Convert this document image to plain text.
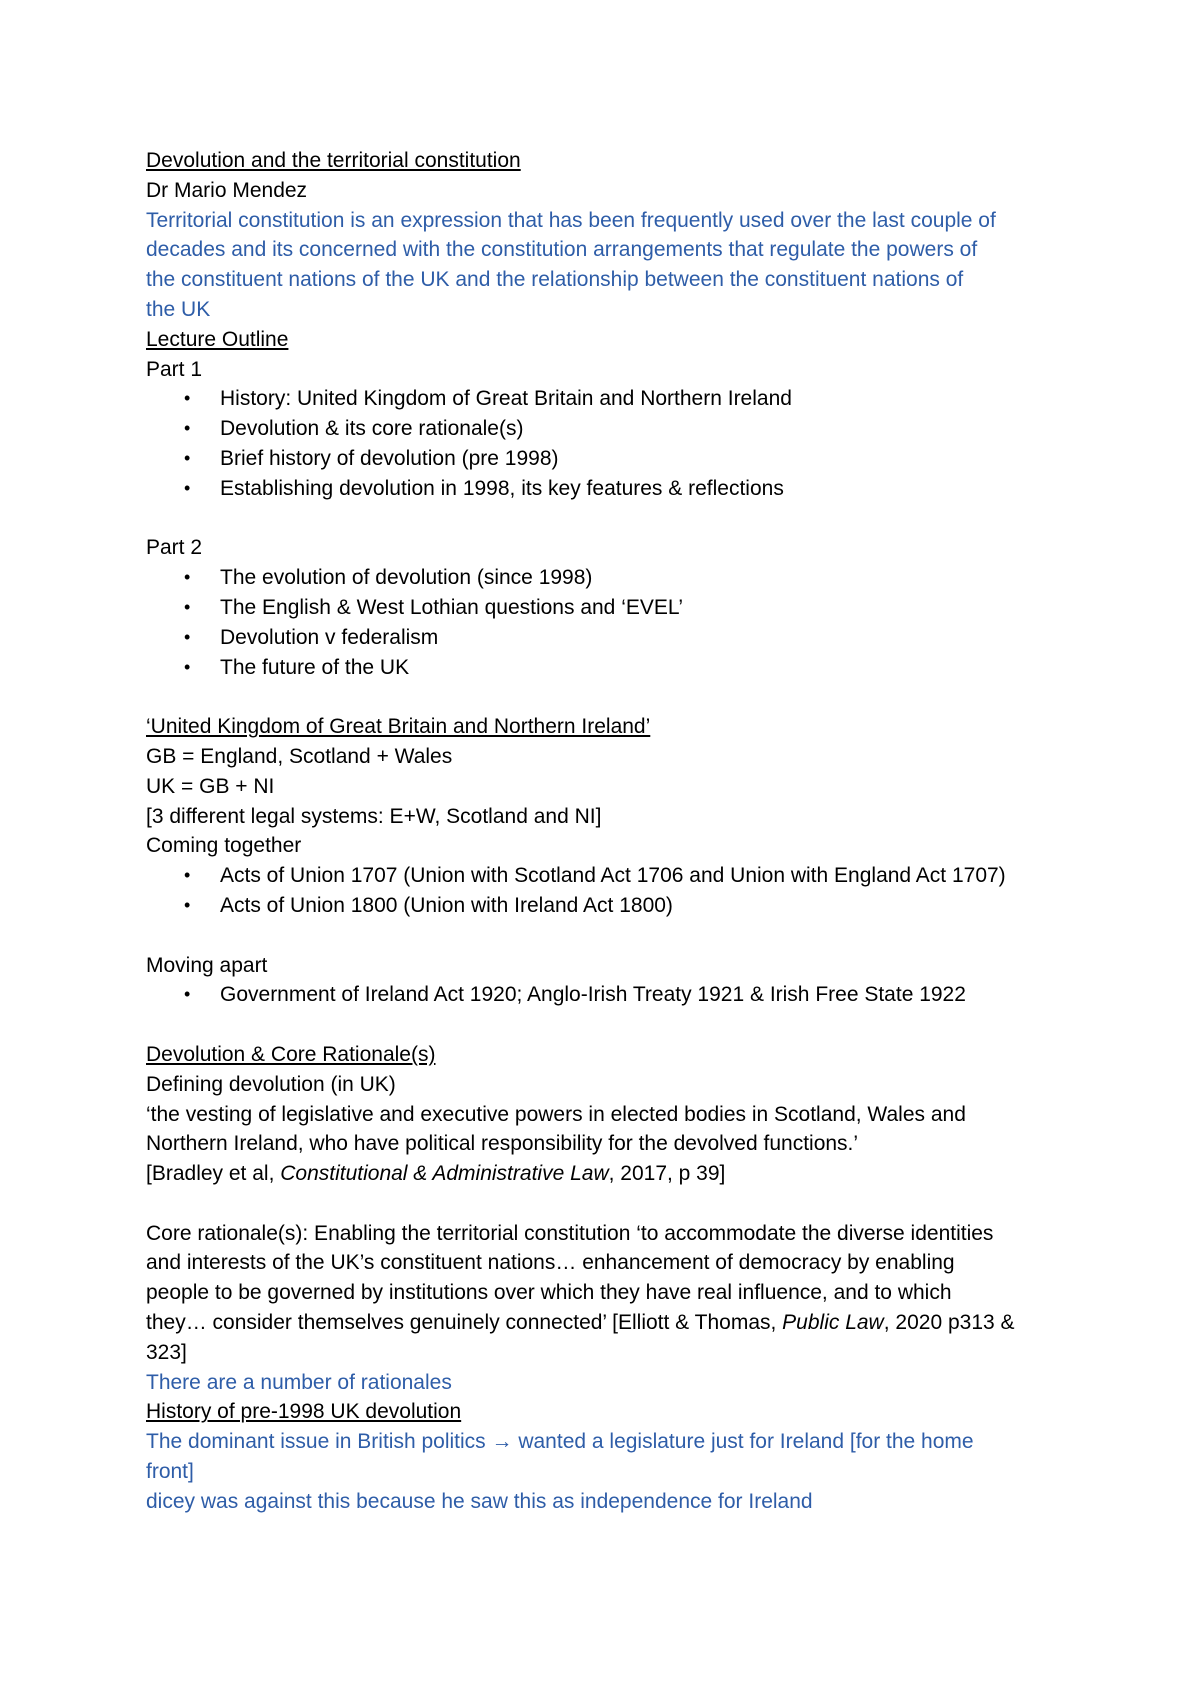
Devolution and the territorial constitution

Dr Mario Mendez

Territorial constitution is an expression that has been frequently used over the last couple of

decades and its concerned with the constitution arrangements that regulate the powers of

the constituent nations of the UK and the relationship between the constituent nations of

the UK

Lecture Outline

Part 1

• History: United Kingdom of Great Britain and Northern Ireland
• Devolution & its core rationale(s)
• Brief history of devolution (pre 1998)
• Establishing devolution in 1998, its key features & reflections

Part 2

• The evolution of devolution (since 1998)
• The English & West Lothian questions and ‘EVEL’
• Devolution v federalism
• The future of the UK

‘United Kingdom of Great Britain and Northern Ireland’

GB = England, Scotland + Wales

UK = GB + NI

[3 different legal systems: E+W, Scotland and NI]

Coming together

• Acts of Union 1707 (Union with Scotland Act 1706 and Union with England Act 1707)
• Acts of Union 1800 (Union with Ireland Act 1800)

Moving apart

• Government of Ireland Act 1920; Anglo-Irish Treaty 1921 & Irish Free State 1922

Devolution & Core Rationale(s)

Defining devolution (in UK)

‘the vesting of legislative and executive powers in elected bodies in Scotland, Wales and

Northern Ireland, who have political responsibility for the devolved functions.’

[Bradley et al, Constitutional & Administrative Law, 2017, p 39]

Core rationale(s): Enabling the territorial constitution ‘to accommodate the diverse identities

and interests of the UK’s constituent nations… enhancement of democracy by enabling

people to be governed by institutions over which they have real influence, and to which

they… consider themselves genuinely connected’ [Elliott & Thomas, Public Law, 2020 p313 &

323]

There are a number of rationales

History of pre-1998 UK devolution

The dominant issue in British politics → wanted a legislature just for Ireland [for the home

front]

dicey was against this because he saw this as independence for Ireland
